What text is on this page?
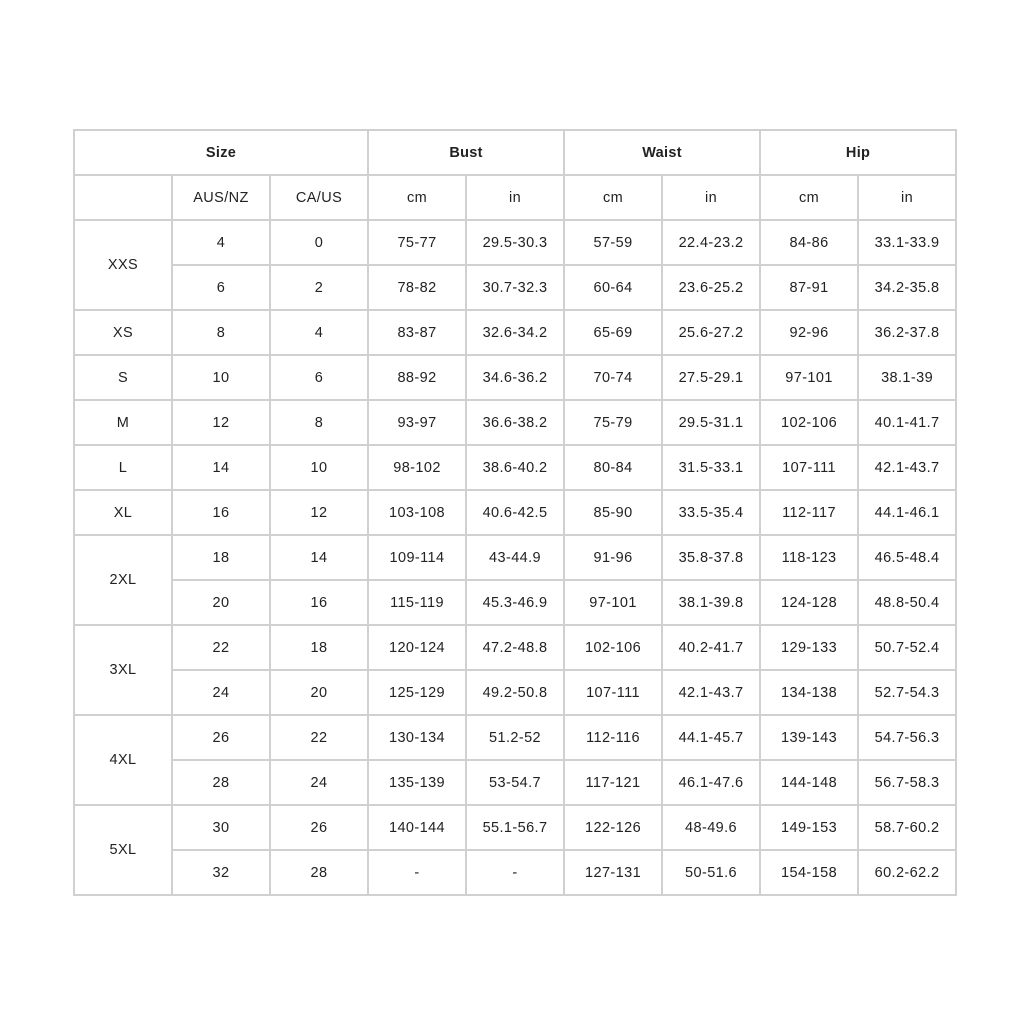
Size			Bust		Waist		Hip	
	AUS/NZ	CA/US	cm	in	cm	in	cm	in
XXS	4	0	75-77	29.5-30.3	57-59	22.4-23.2	84-86	33.1-33.9
	6	2	78-82	30.7-32.3	60-64	23.6-25.2	87-91	34.2-35.8
XS	8	4	83-87	32.6-34.2	65-69	25.6-27.2	92-96	36.2-37.8
S	10	6	88-92	34.6-36.2	70-74	27.5-29.1	97-101	38.1-39
M	12	8	93-97	36.6-38.2	75-79	29.5-31.1	102-106	40.1-41.7
L	14	10	98-102	38.6-40.2	80-84	31.5-33.1	107-111	42.1-43.7
XL	16	12	103-108	40.6-42.5	85-90	33.5-35.4	112-117	44.1-46.1
2XL	18	14	109-114	43-44.9	91-96	35.8-37.8	118-123	46.5-48.4
	20	16	115-119	45.3-46.9	97-101	38.1-39.8	124-128	48.8-50.4
3XL	22	18	120-124	47.2-48.8	102-106	40.2-41.7	129-133	50.7-52.4
	24	20	125-129	49.2-50.8	107-111	42.1-43.7	134-138	52.7-54.3
4XL	26	22	130-134	51.2-52	112-116	44.1-45.7	139-143	54.7-56.3
	28	24	135-139	53-54.7	117-121	46.1-47.6	144-148	56.7-58.3
5XL	30	26	140-144	55.1-56.7	122-126	48-49.6	149-153	58.7-60.2
	32	28	-	-	127-131	50-51.6	154-158	60.2-62.2
